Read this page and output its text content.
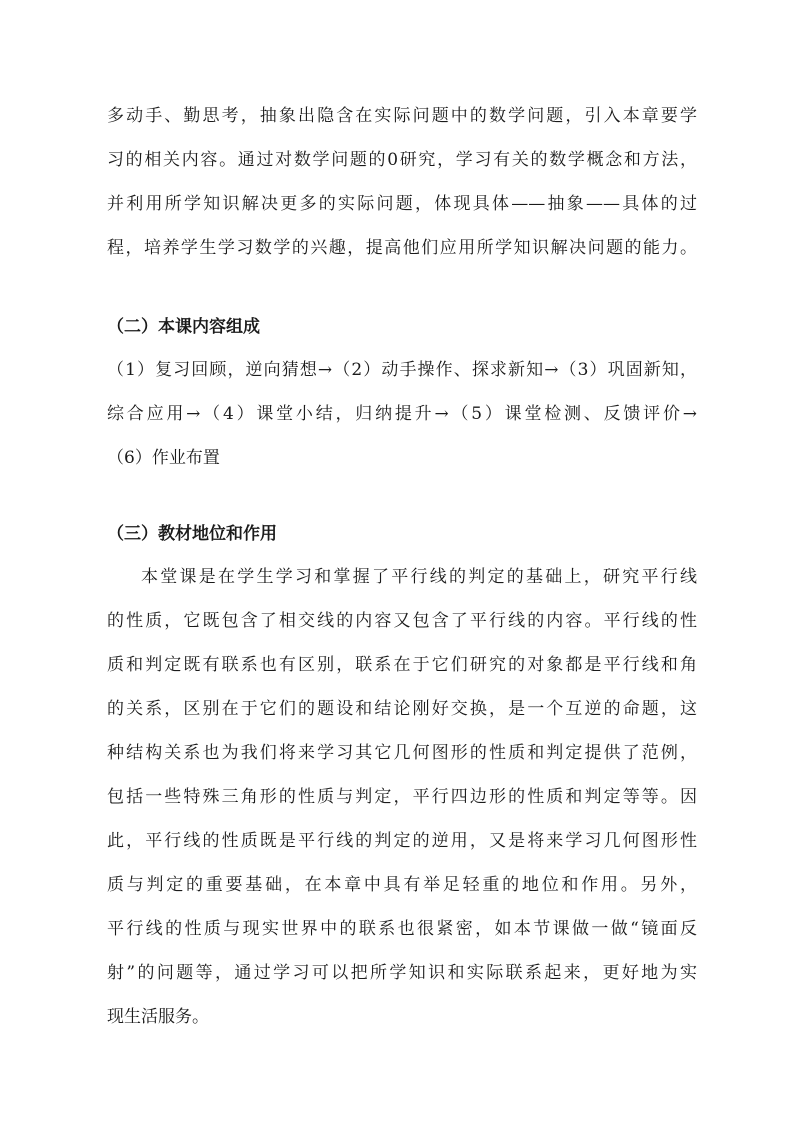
多动手、勤思考，抽象出隐含在实际问题中的数学问题，引入本章要学
习的相关内容。通过对数学问题的0研究，学习有关的数学概念和方法，
并利用所学知识解决更多的实际问题，体现具体——抽象——具体的过
程，培养学生学习数学的兴趣，提高他们应用所学知识解决问题的能力。
（二）本课内容组成
（1）复习回顾，逆向猜想→（2）动手操作、探求新知→（3）巩固新知，
综合应用→（4）课堂小结，归纳提升→（5）课堂检测、反馈评价→
（6）作业布置
（三）教材地位和作用
本堂课是在学生学习和掌握了平行线的判定的基础上，研究平行线
的性质，它既包含了相交线的内容又包含了平行线的内容。平行线的性
质和判定既有联系也有区别，联系在于它们研究的对象都是平行线和角
的关系，区别在于它们的题设和结论刚好交换，是一个互逆的命题，这
种结构关系也为我们将来学习其它几何图形的性质和判定提供了范例，
包括一些特殊三角形的性质与判定，平行四边形的性质和判定等等。因
此，平行线的性质既是平行线的判定的逆用，又是将来学习几何图形性
质与判定的重要基础，在本章中具有举足轻重的地位和作用。另外，
平行线的性质与现实世界中的联系也很紧密，如本节课做一做“镜面反
射”的问题等，通过学习可以把所学知识和实际联系起来，更好地为实
现生活服务。
